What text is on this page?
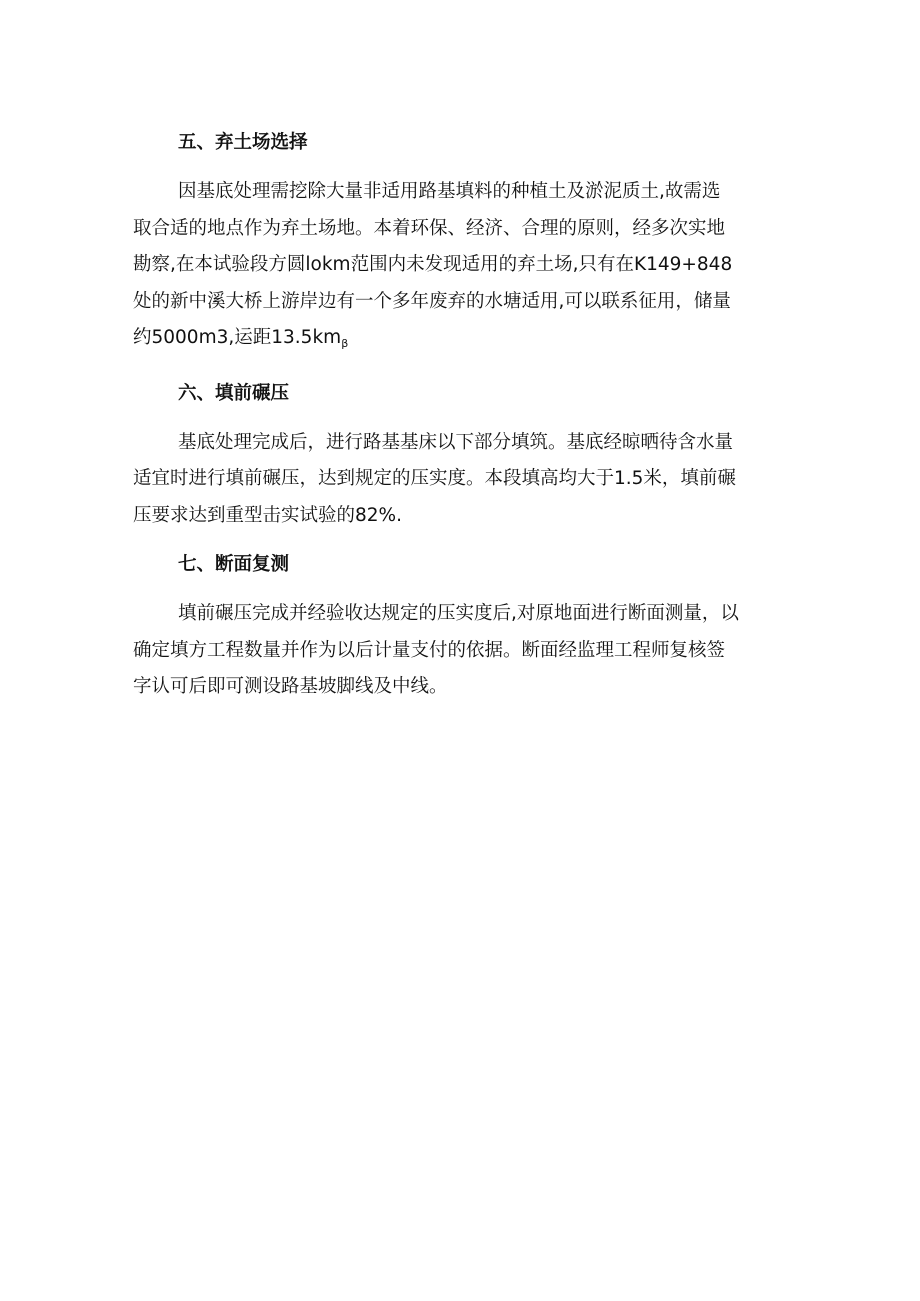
五、弃土场选择
因基底处理需挖除大量非适用路基填料的种植土及淤泥质土,故需选
取合适的地点作为弃土场地。本着环保、经济、合理的原则，经多次实地
勘察,在本试验段方圆lokm范围内未发现适用的弃土场,只有在K149+848
处的新中溪大桥上游岸边有一个多年废弃的水塘适用,可以联系征用，储量
约5000m3,运距$13.5km_\beta$
六、填前碾压
基底处理完成后，进行路基基床以下部分填筑。基底经晾晒待含水量
适宜时进行填前碾压，达到规定的压实度。本段填高均大于1.5米，填前碾
压要求达到重型击实试验的82%.
七、断面复测
填前碾压完成并经验收达规定的压实度后,对原地面进行断面测量，以
确定填方工程数量并作为以后计量支付的依据。断面经监理工程师复核签
字认可后即可测设路基坡脚线及中线。
